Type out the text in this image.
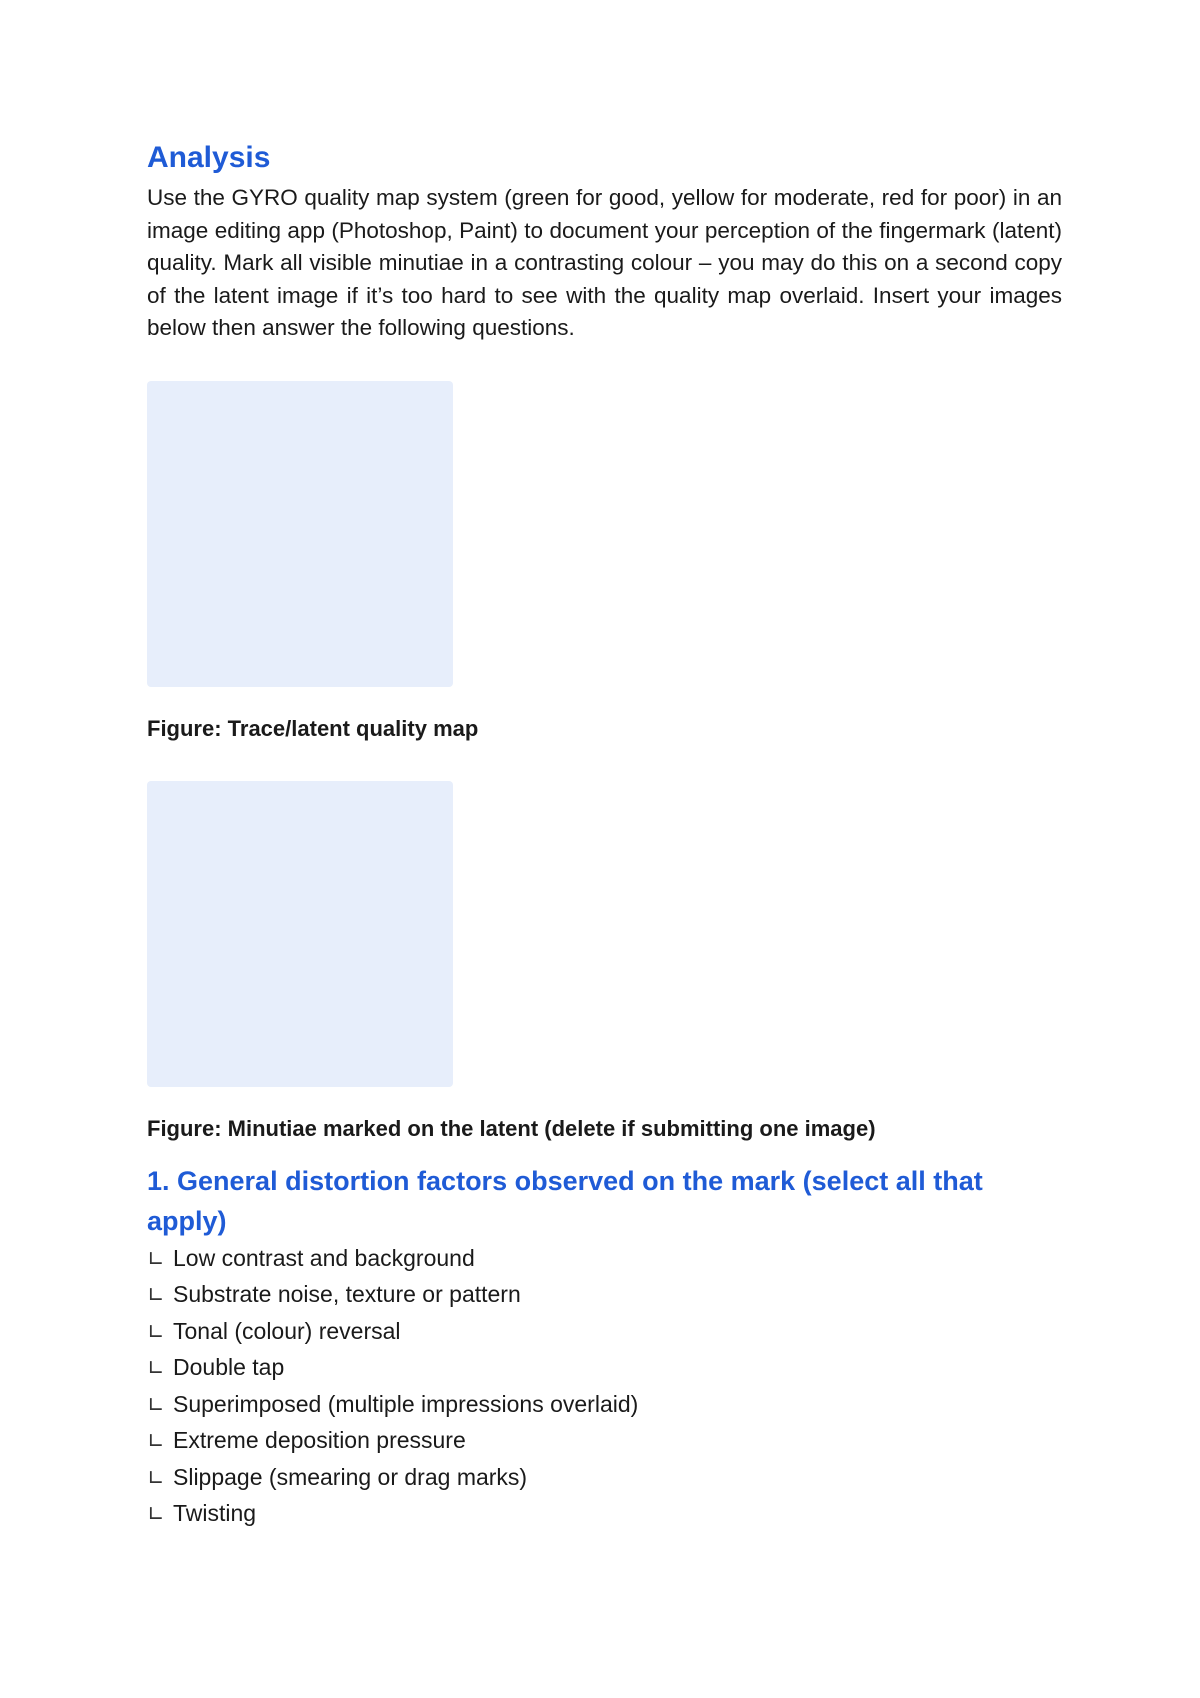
Analysis

Use the GYRO quality map system (green for good, yellow for moderate, red for poor) in an image editing app (Photoshop, Paint) to document your perception of the fingermark (latent) quality. Mark all visible minutiae in a contrasting colour – you may do this on a second copy of the latent image if it’s too hard to see with the quality map overlaid. Insert your images below then answer the following questions.

Figure: Trace/latent quality map

Figure: Minutiae marked on the latent (delete if submitting one image)

1. General distortion factors observed on the mark (select all that apply)
∟ Low contrast and background
∟ Substrate noise, texture or pattern
∟ Tonal (colour) reversal
∟ Double tap
∟ Superimposed (multiple impressions overlaid)
∟ Extreme deposition pressure
∟ Slippage (smearing or drag marks)
∟ Twisting
